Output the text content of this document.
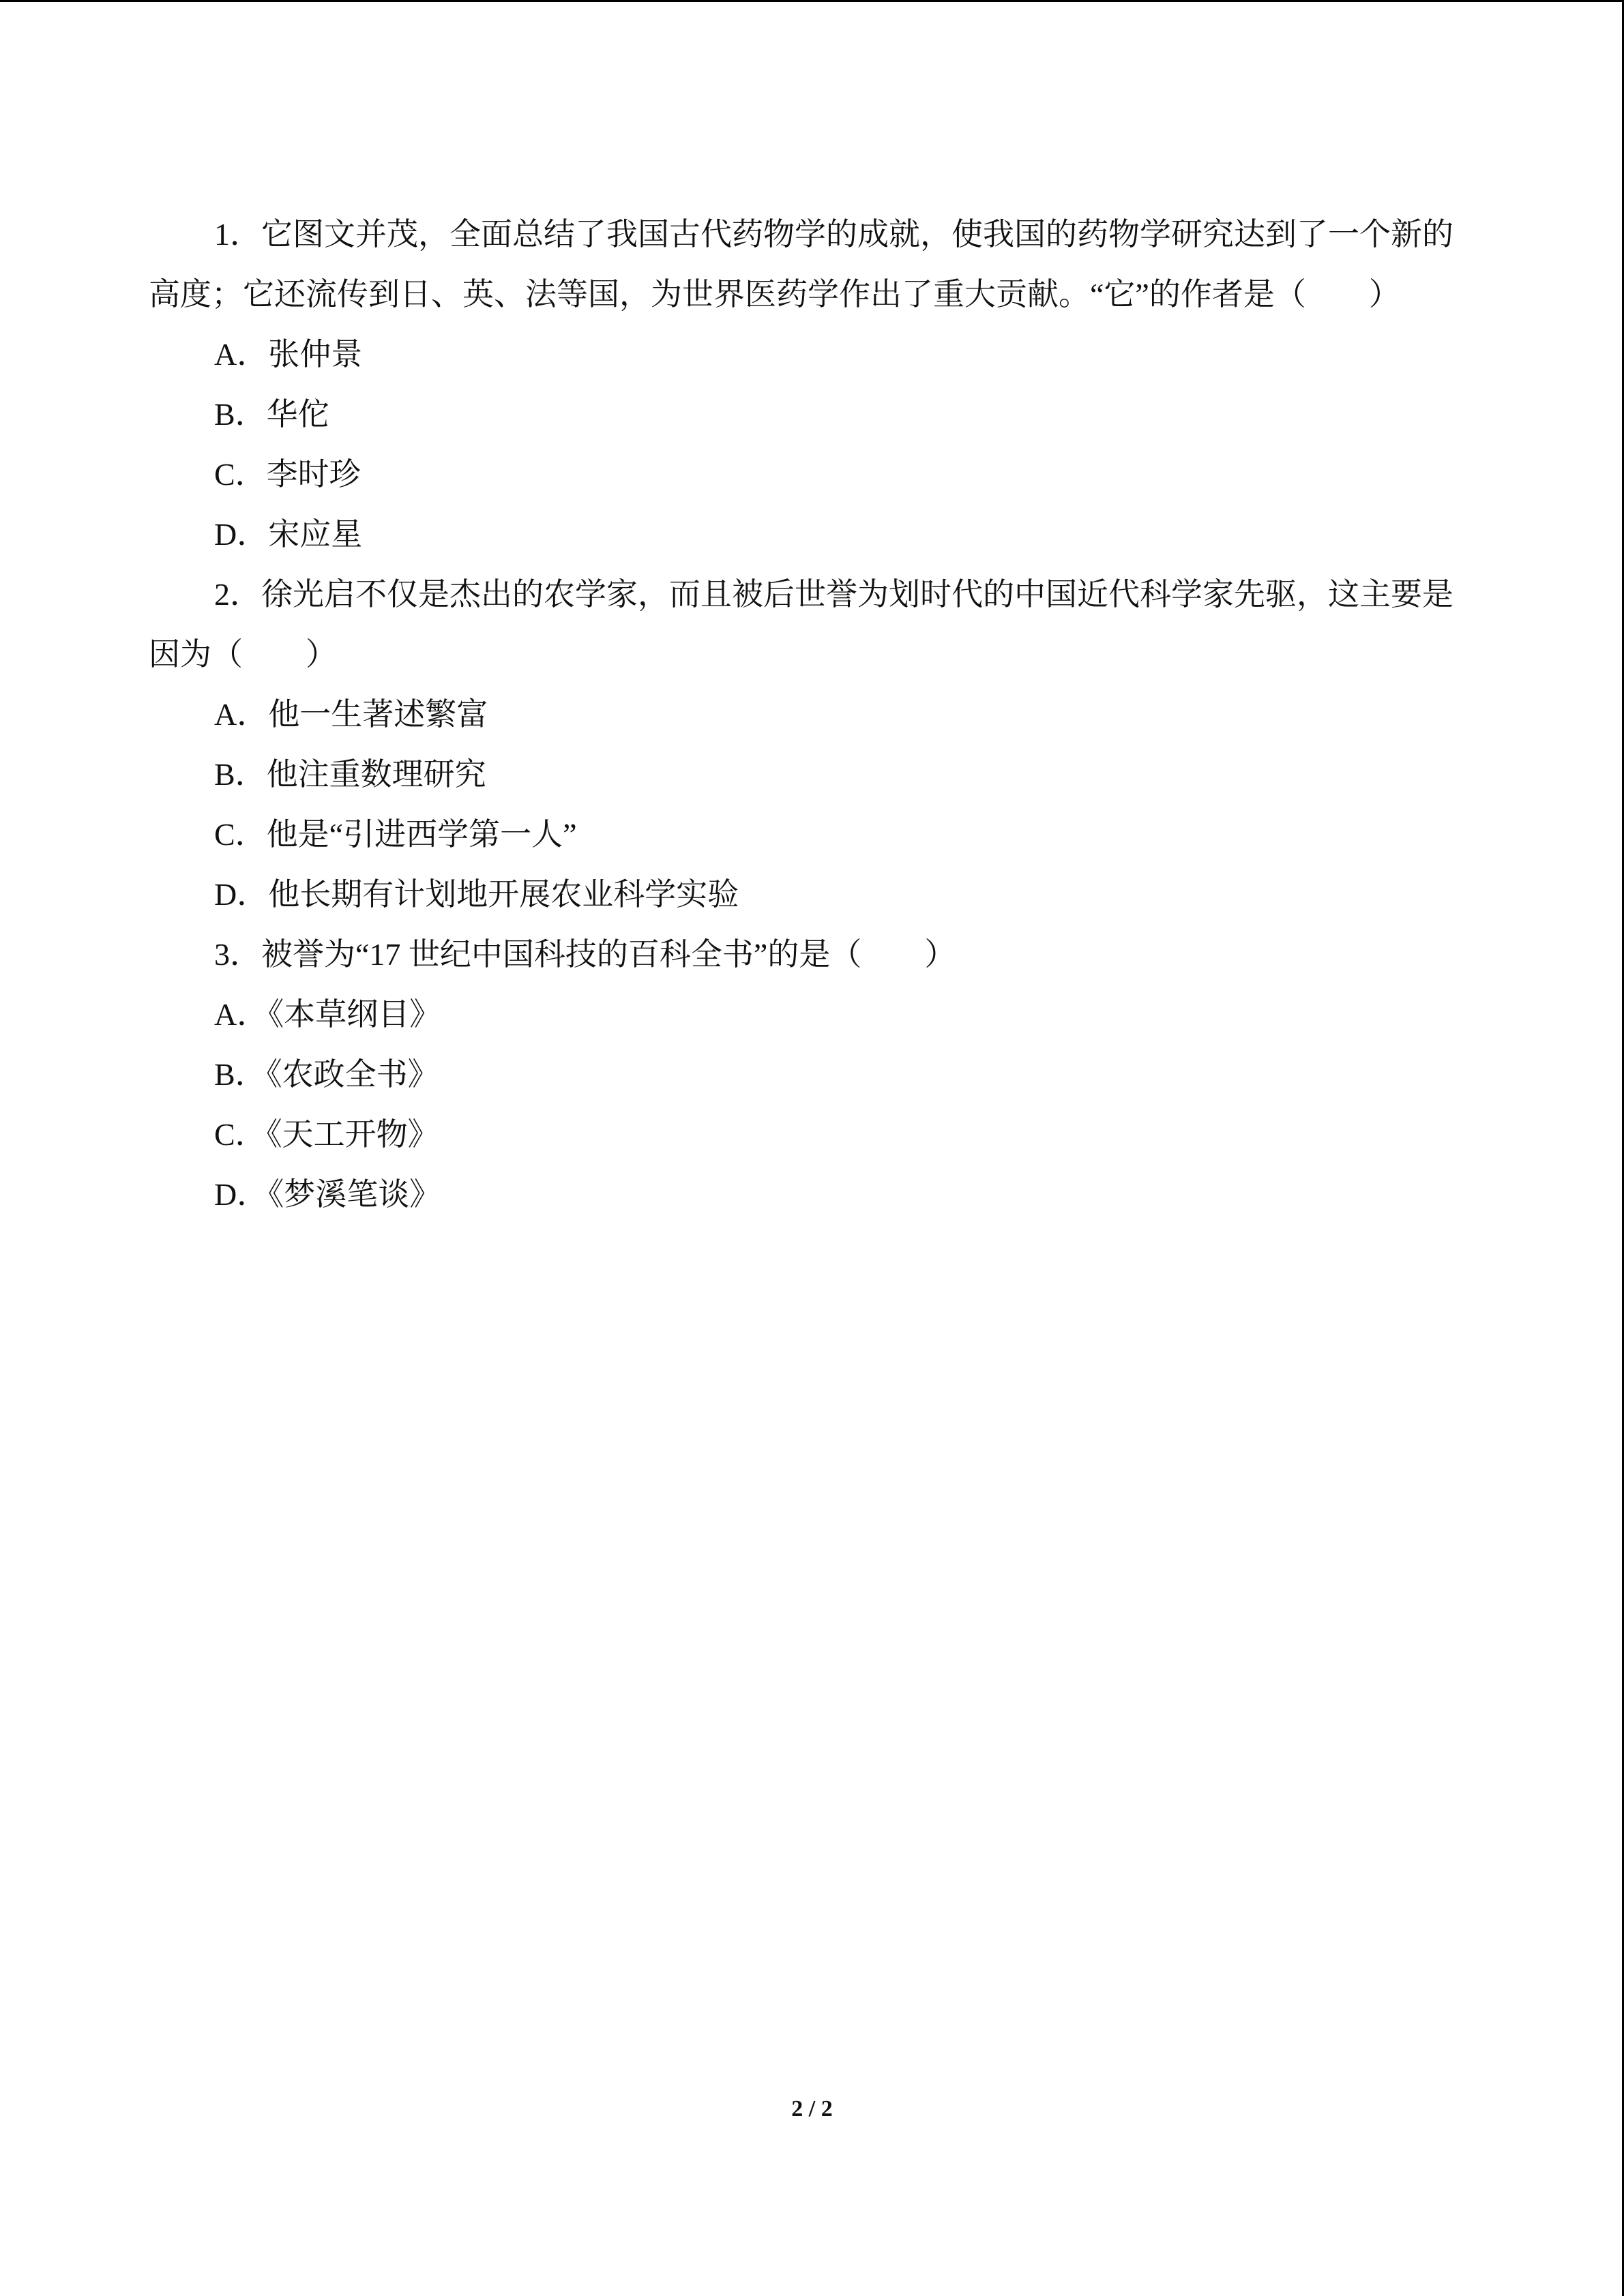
1．它图文并茂，全面总结了我国古代药物学的成就，使我国的药物学研究达到了一个新的高度；它还流传到日、英、法等国，为世界医药学作出了重大贡献。“它”的作者是（　　）

A．张仲景

B．华佗

C．李时珍

D．宋应星

2．徐光启不仅是杰出的农学家，而且被后世誉为划时代的中国近代科学家先驱，这主要是因为（　　）

A．他一生著述繁富

B．他注重数理研究

C．他是“引进西学第一人”

D．他长期有计划地开展农业科学实验

3．被誉为“17 世纪中国科技的百科全书”的是（　　）

A．《本草纲目》

B．《农政全书》

C．《天工开物》

D．《梦溪笔谈》

2 / 2
